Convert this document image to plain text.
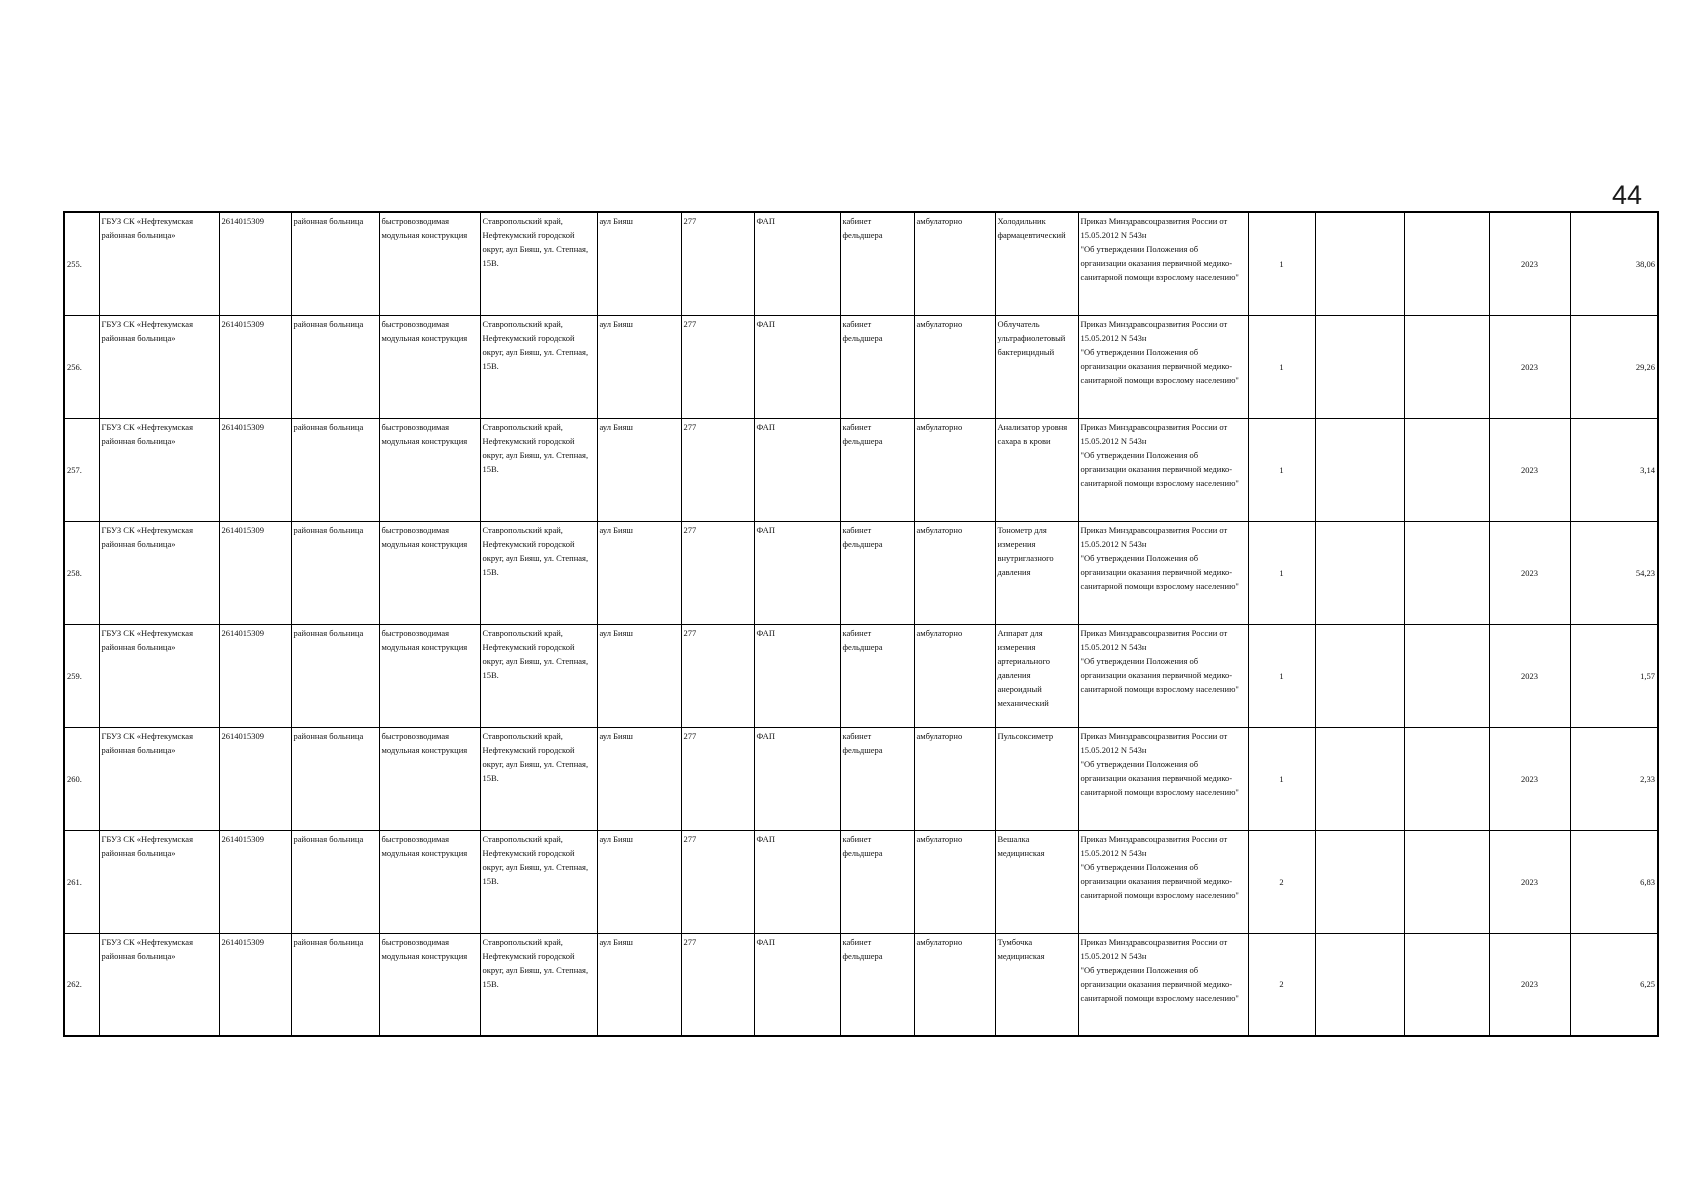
44
255.	ГБУЗ СК «Нефтекумская районная больница»	2614015309	районная больница	быстровозводимая модульная конструкция	Ставропольский край, Нефтекумский городской округ, аул Бияш, ул. Степная, 15В.	аул Бияш	277	ФАП	кабинет фельдшера	амбулаторно	Холодильник фармацевтический	Приказ Минздравсоцразвития России от 15.05.2012 N 543н
"Об утверждении Положения об организации оказания первичной медико-санитарной помощи взрослому населению"	1			2023	38,06
256.	ГБУЗ СК «Нефтекумская районная больница»	2614015309	районная больница	быстровозводимая модульная конструкция	Ставропольский край, Нефтекумский городской округ, аул Бияш, ул. Степная, 15В.	аул Бияш	277	ФАП	кабинет фельдшера	амбулаторно	Облучатель ультрафиолетовый бактерицидный	Приказ Минздравсоцразвития России от 15.05.2012 N 543н
"Об утверждении Положения об организации оказания первичной медико-санитарной помощи взрослому населению"	1			2023	29,26
257.	ГБУЗ СК «Нефтекумская районная больница»	2614015309	районная больница	быстровозводимая модульная конструкция	Ставропольский край, Нефтекумский городской округ, аул Бияш, ул. Степная, 15В.	аул Бияш	277	ФАП	кабинет фельдшера	амбулаторно	Анализатор уровня сахара в крови	Приказ Минздравсоцразвития России от 15.05.2012 N 543н
"Об утверждении Положения об организации оказания первичной медико-санитарной помощи взрослому населению"	1			2023	3,14
258.	ГБУЗ СК «Нефтекумская районная больница»	2614015309	районная больница	быстровозводимая модульная конструкция	Ставропольский край, Нефтекумский городской округ, аул Бияш, ул. Степная, 15В.	аул Бияш	277	ФАП	кабинет фельдшера	амбулаторно	Тонометр для измерения внутриглазного давления	Приказ Минздравсоцразвития России от 15.05.2012 N 543н
"Об утверждении Положения об организации оказания первичной медико-санитарной помощи взрослому населению"	1			2023	54,23
259.	ГБУЗ СК «Нефтекумская районная больница»	2614015309	районная больница	быстровозводимая модульная конструкция	Ставропольский край, Нефтекумский городской округ, аул Бияш, ул. Степная, 15В.	аул Бияш	277	ФАП	кабинет фельдшера	амбулаторно	Аппарат для измерения артериального давления анероидный механический	Приказ Минздравсоцразвития России от 15.05.2012 N 543н
"Об утверждении Положения об организации оказания первичной медико-санитарной помощи взрослому населению"	1			2023	1,57
260.	ГБУЗ СК «Нефтекумская районная больница»	2614015309	районная больница	быстровозводимая модульная конструкция	Ставропольский край, Нефтекумский городской округ, аул Бияш, ул. Степная, 15В.	аул Бияш	277	ФАП	кабинет фельдшера	амбулаторно	Пульсоксиметр	Приказ Минздравсоцразвития России от 15.05.2012 N 543н
"Об утверждении Положения об организации оказания первичной медико-санитарной помощи взрослому населению"	1			2023	2,33
261.	ГБУЗ СК «Нефтекумская районная больница»	2614015309	районная больница	быстровозводимая модульная конструкция	Ставропольский край, Нефтекумский городской округ, аул Бияш, ул. Степная, 15В.	аул Бияш	277	ФАП	кабинет фельдшера	амбулаторно	Вешалка медицинская	Приказ Минздравсоцразвития России от 15.05.2012 N 543н
"Об утверждении Положения об организации оказания первичной медико-санитарной помощи взрослому населению"	2			2023	6,83
262.	ГБУЗ СК «Нефтекумская районная больница»	2614015309	районная больница	быстровозводимая модульная конструкция	Ставропольский край, Нефтекумский городской округ, аул Бияш, ул. Степная, 15В.	аул Бияш	277	ФАП	кабинет фельдшера	амбулаторно	Тумбочка медицинская	Приказ Минздравсоцразвития России от 15.05.2012 N 543н
"Об утверждении Положения об организации оказания первичной медико-санитарной помощи взрослому населению"	2			2023	6,25
